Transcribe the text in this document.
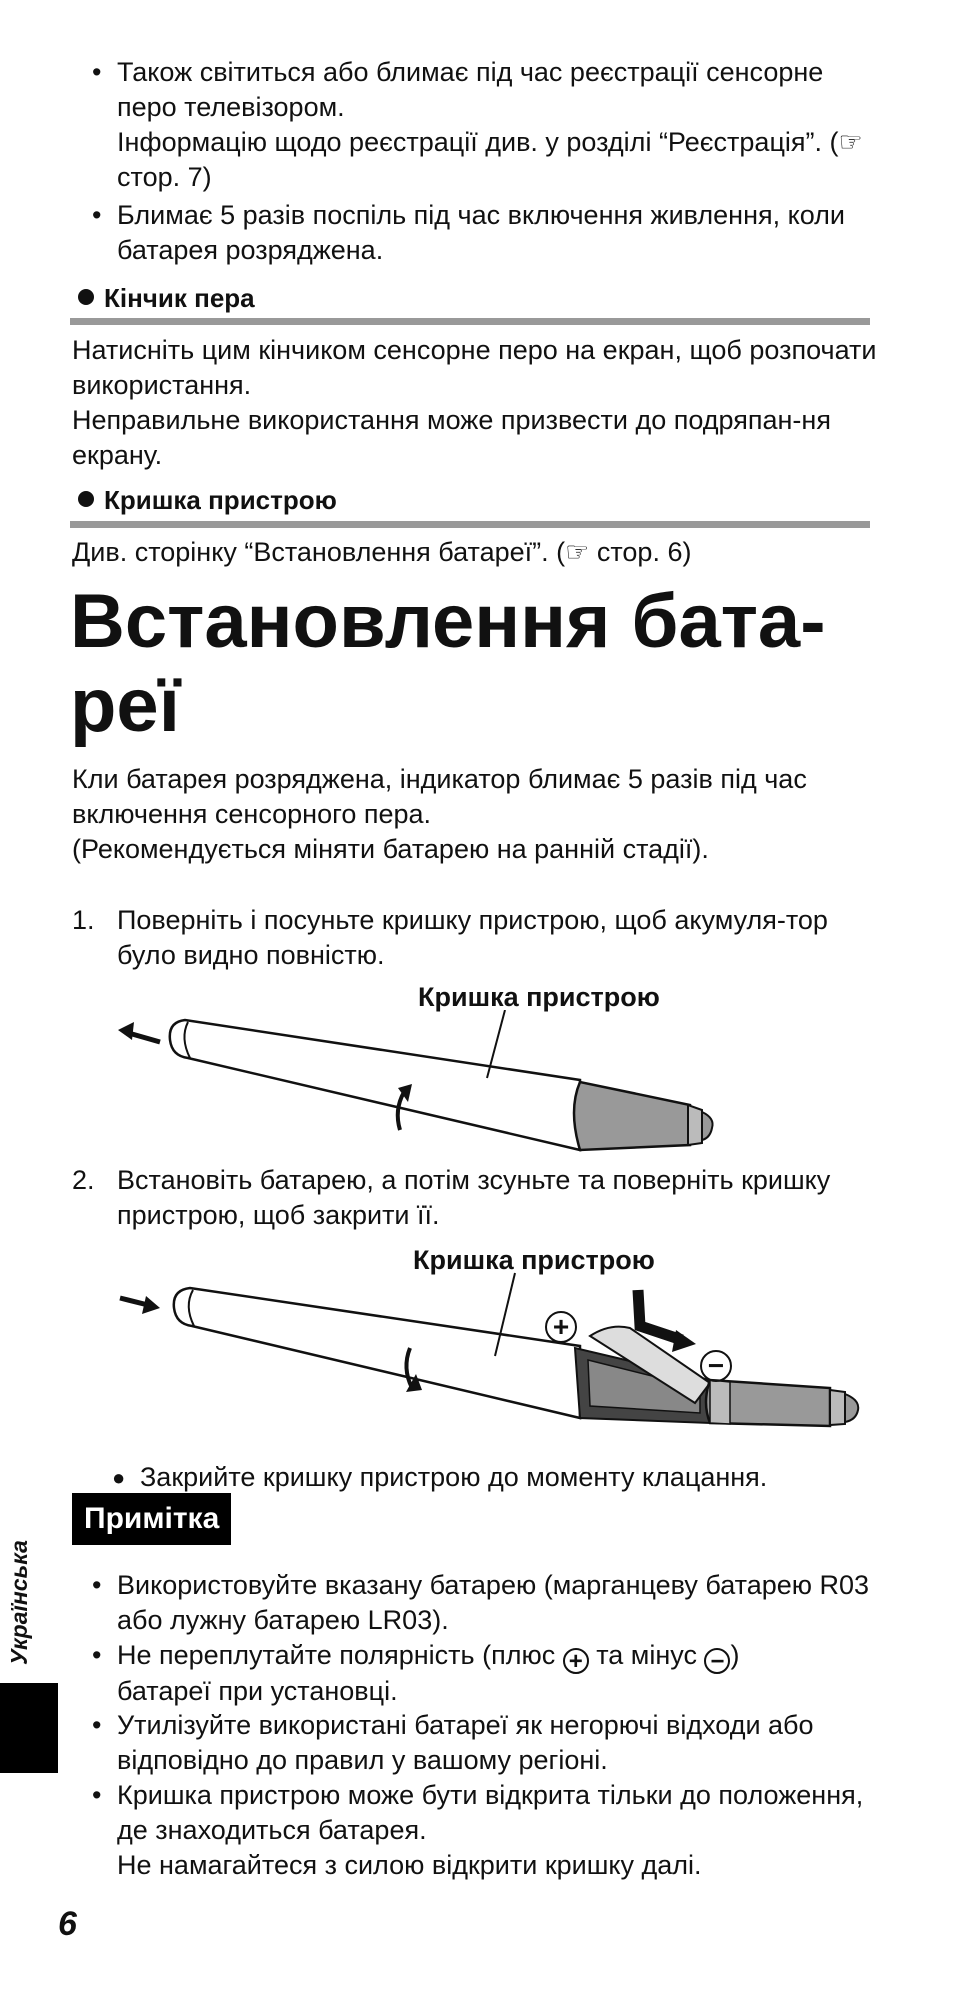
• Також світиться або блимає під час реєстрації сенсорне перо телевізором.
Інформацію щодо реєстрації див. у розділі “Реєстрація”. (☞ стор. 7)
• Блимає 5 разів поспіль під час включення живлення, коли батарея розряджена.
Кінчик пера
Натисніть цим кінчиком сенсорне перо на екран, щоб розпочати використання.
Неправильне використання може призвести до подряпан-ня екрану.
Кришка пристрою
Див. сторінку “Встановлення батареї”. (☞ стор. 6)
Встановлення бата-реї
Кли батарея розряджена, індикатор блимає 5 разів під час включення сенсорного пера.
(Рекомендується міняти батарею на ранній стадії).
1. Поверніть і посуньте кришку пристрою, щоб акумуля-тор було видно повністю.
Кришка пристрою
2. Встановіть батарею, а потім зсуньте та поверніть кришку пристрою, щоб закрити її.
Кришка пристрою
+
−
● Закрийте кришку пристрою до моменту клацання.
Примітка
• Використовуйте вказану батарею (марганцеву батарею R03 або лужну батарею LR03).
• Не переплутайте полярність (плюс + та мінус − )
батареї при установці.
• Утилізуйте використані батареї як негорючі відходи або відповідно до правил у вашому регіоні.
• Кришка пристрою може бути відкрита тільки до положення, де знаходиться батарея.
Не намагайтеся з силою відкрити кришку далі.
Українська
6
